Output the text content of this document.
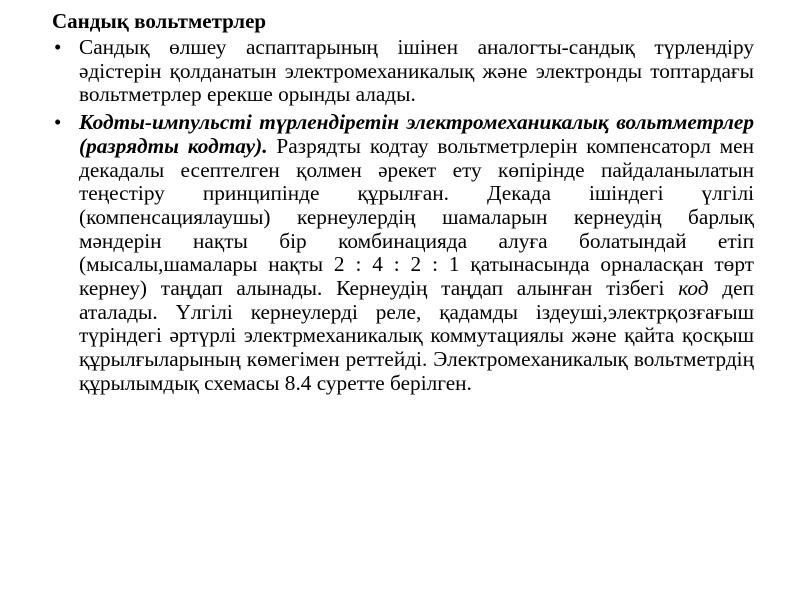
Сандық вольтметрлер
• Сандық өлшеу аспаптарының ішінен аналогты-сандық түрлендіру әдістерін қолданатын электромеханикалық және электронды топтардағы вольтметрлер ерекше орынды алады.
• Кодты-импульсті түрлендіретін электромеханикалық вольтметрлер (разрядты кодтау). Разрядты кодтау вольтметрлерін компенсаторл мен декадалы есептелген қолмен әрекет ету көпірінде пайдаланылатын теңестіру принципінде құрылған. Декада ішіндегі үлгілі (компенсациялаушы) кернеулердің шамаларын кернеудің барлық мәндерін нақты бір комбинацияда алуға болатындай етіп (мысалы,шамалары нақты 2 : 4 : 2 : 1 қатынасында орналасқан төрт кернеу) таңдап алынады. Кернеудің таңдап алынған тізбегі код деп аталады. Үлгілі кернеулерді реле, қадамды іздеуші,электрқозғағыш түріндегі әртүрлі электрмеханикалық коммутациялы және қайта қосқыш құрылғыларының көмегімен реттейді. Электромеханикалық вольтметрдің құрылымдық схемасы 8.4 суретте берілген.
